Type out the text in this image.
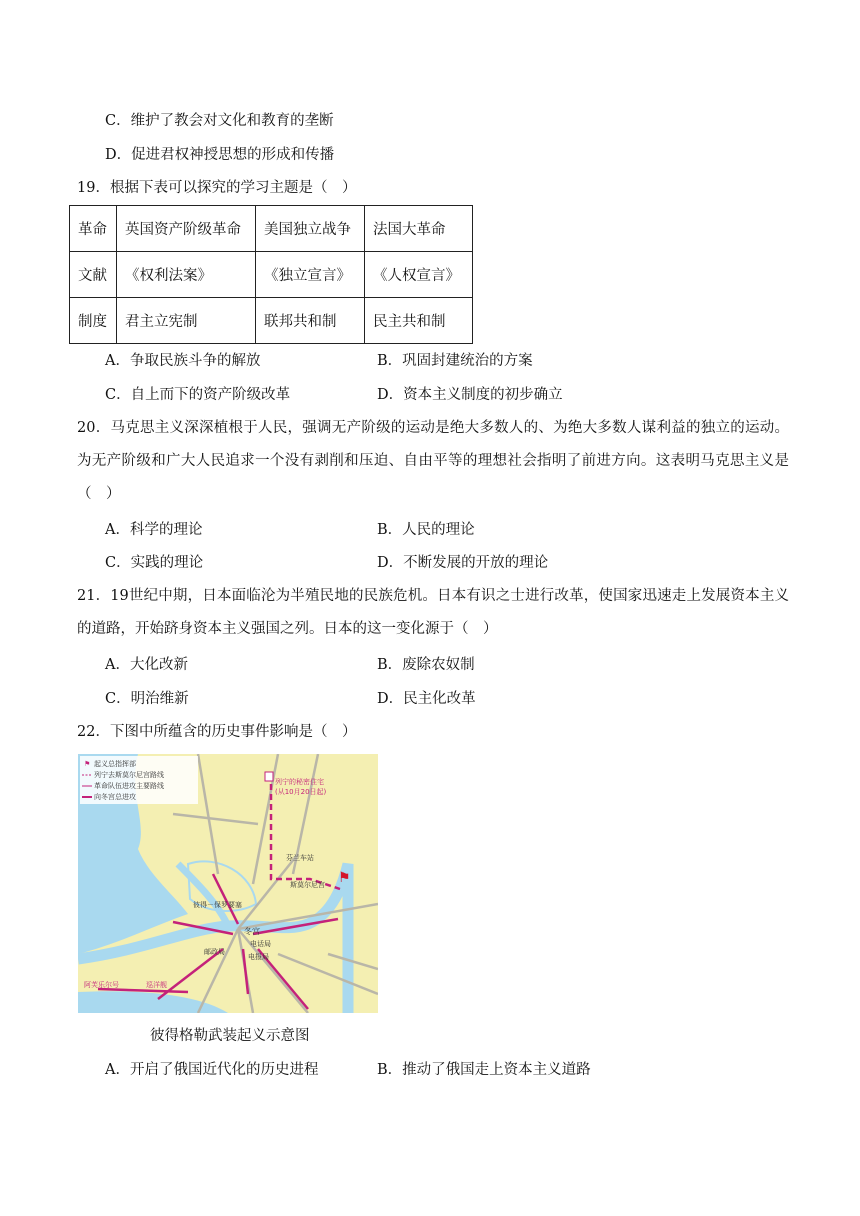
C．维护了教会对文化和教育的垄断
D．促进君权神授思想的形成和传播
19．根据下表可以探究的学习主题是（　）
革命	英国资产阶级革命	美国独立战争	法国大革命
文献	《权利法案》	《独立宣言》	《人权宣言》
制度	君主立宪制	联邦共和制	民主共和制
A．争取民族斗争的解放	B．巩固封建统治的方案
C．自上而下的资产阶级改革	D．资本主义制度的初步确立
20．马克思主义深深植根于人民，强调无产阶级的运动是绝大多数人的、为绝大多数人谋利益的独立的运动。为无产阶级和广大人民追求一个没有剥削和压迫、自由平等的理想社会指明了前进方向。这表明马克思主义是（　）
A．科学的理论	B．人民的理论
C．实践的理论	D．不断发展的开放的理论
21．19世纪中期，日本面临沦为半殖民地的民族危机。日本有识之士进行改革，使国家迅速走上发展资本主义的道路，开始跻身资本主义强国之列。日本的这一变化源于（　）
A．大化改新	B．废除农奴制
C．明治维新	D．民主化改革
22．下图中所蕴含的历史事件影响是（　）
⚑ 起义总指挥部
列宁去斯莫尔尼宫路线
革命队伍进攻主要路线
向冬宫总进攻
列宁的秘密住宅
(从10月20日起)
芬兰车站
斯莫尔尼宫
彼得－保罗要塞
冬宫
电话局
电报局
邮政局
阿芙乐尔号	巡洋舰
⚑
彼得格勒武装起义示意图
A．开启了俄国近代化的历史进程	B．推动了俄国走上资本主义道路
